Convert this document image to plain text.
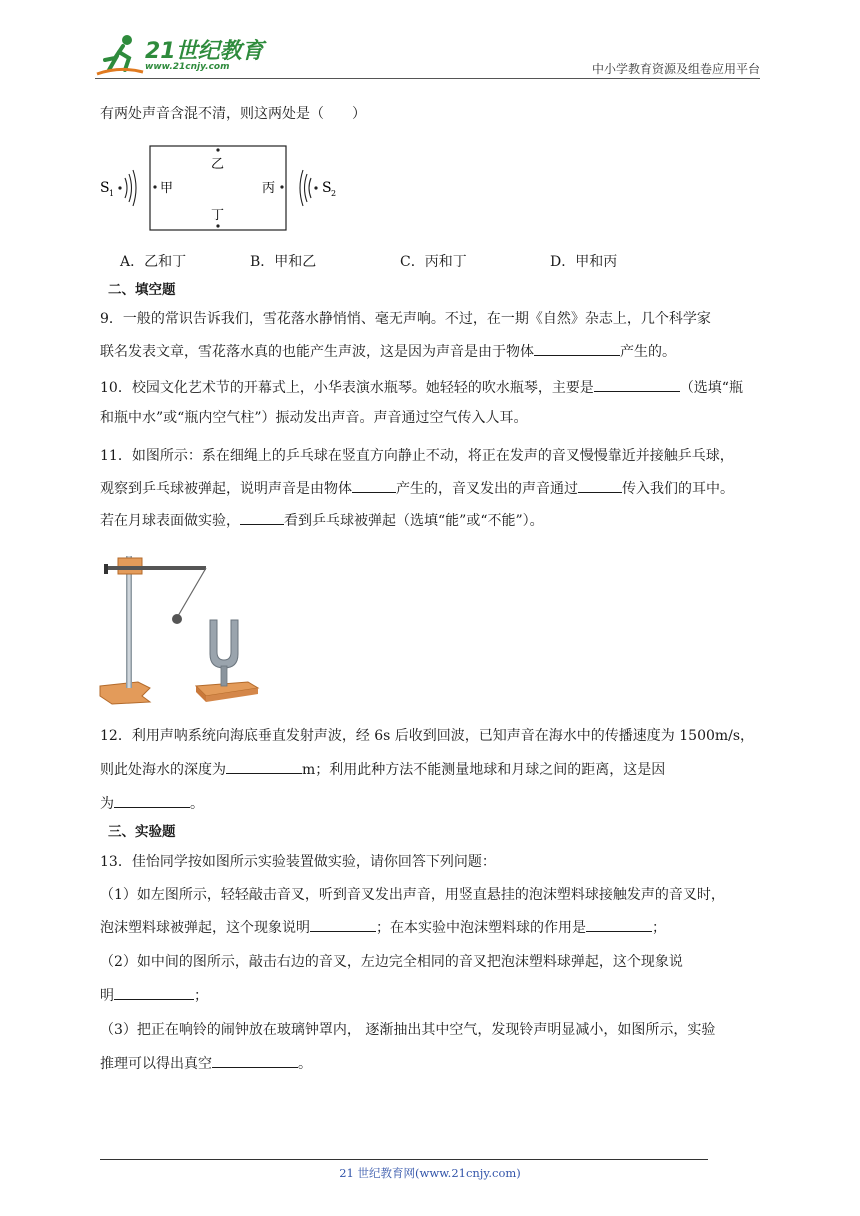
21世纪教育
www.21cnjy.com	中小学教育资源及组卷应用平台
有两处声音含混不清，则这两处是（　　）
S 1	甲
乙
丁
丙	S 2
A．乙和丁	B．甲和乙	C．丙和丁	D．甲和丙
二、填空题
9．一般的常识告诉我们，雪花落水静悄悄、毫无声响。不过，在一期《自然》杂志上，几个科学家
联名发表文章，雪花落水真的也能产生声波，这是因为声音是由于物体	产生的。
10．校园文化艺术节的开幕式上，小华表演水瓶琴。她轻轻的吹水瓶琴，主要是	（选填“瓶
和瓶中水”或“瓶内空气柱”）振动发出声音。声音通过空气传入人耳。
11．如图所示：系在细绳上的乒乓球在竖直方向静止不动，将正在发声的音叉慢慢靠近并接触乒乓球，
观察到乒乓球被弹起，说明声音是由物体	产生的，音叉发出的声音通过	传入我们的耳中。
若在月球表面做实验，	看到乒乓球被弹起（选填“能”或“不能”）。
12．利用声呐系统向海底垂直发射声波，经 6s 后收到回波，已知声音在海水中的传播速度为 1500m/s，
则此处海水的深度为	m；利用此种方法不能测量地球和月球之间的距离，这是因
为	。
三、实验题
13．佳怡同学按如图所示实验装置做实验，请你回答下列问题：
（1）如左图所示，轻轻敲击音叉，听到音叉发出声音，用竖直悬挂的泡沫塑料球接触发声的音叉时，
泡沫塑料球被弹起，这个现象说明	；在本实验中泡沫塑料球的作用是	；
（2）如中间的图所示，敲击右边的音叉，左边完全相同的音叉把泡沫塑料球弹起，这个现象说
明	；
（3）把正在响铃的闹钟放在玻璃钟罩内， 逐渐抽出其中空气，发现铃声明显减小，如图所示，实验
推理可以得出真空	。
21 世纪教育网(www.21cnjy.com)
